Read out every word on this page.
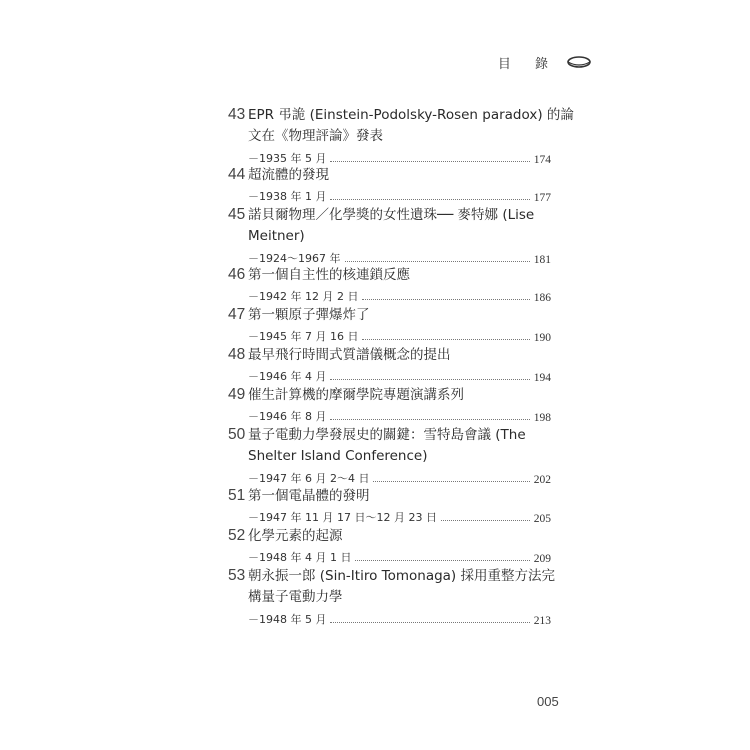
目 錄
43 EPR 弔詭 (Einstein-Podolsky-Rosen paradox) 的論
文在《物理評論》發表
－1935 年 5 月	174
44 超流體的發現
－1938 年 1 月	177
45 諾貝爾物理／化學獎的女性遺珠── 麥特娜 (Lise
Meitner)
－1924～1967 年	181
46 第一個自主性的核連鎖反應
－1942 年 12 月 2 日	186
47 第一顆原子彈爆炸了
－1945 年 7 月 16 日	190
48 最早飛行時間式質譜儀概念的提出
－1946 年 4 月	194
49 催生計算機的摩爾學院專題演講系列
－1946 年 8 月	198
50 量子電動力學發展史的關鍵：雪特島會議 (The
Shelter Island Conference)
－1947 年 6 月 2～4 日	202
51 第一個電晶體的發明
－1947 年 11 月 17 日～12 月 23 日	205
52 化學元素的起源
－1948 年 4 月 1 日	209
53 朝永振一郎 (Sin-Itiro Tomonaga) 採用重整方法完
構量子電動力學
－1948 年 5 月	213
005
